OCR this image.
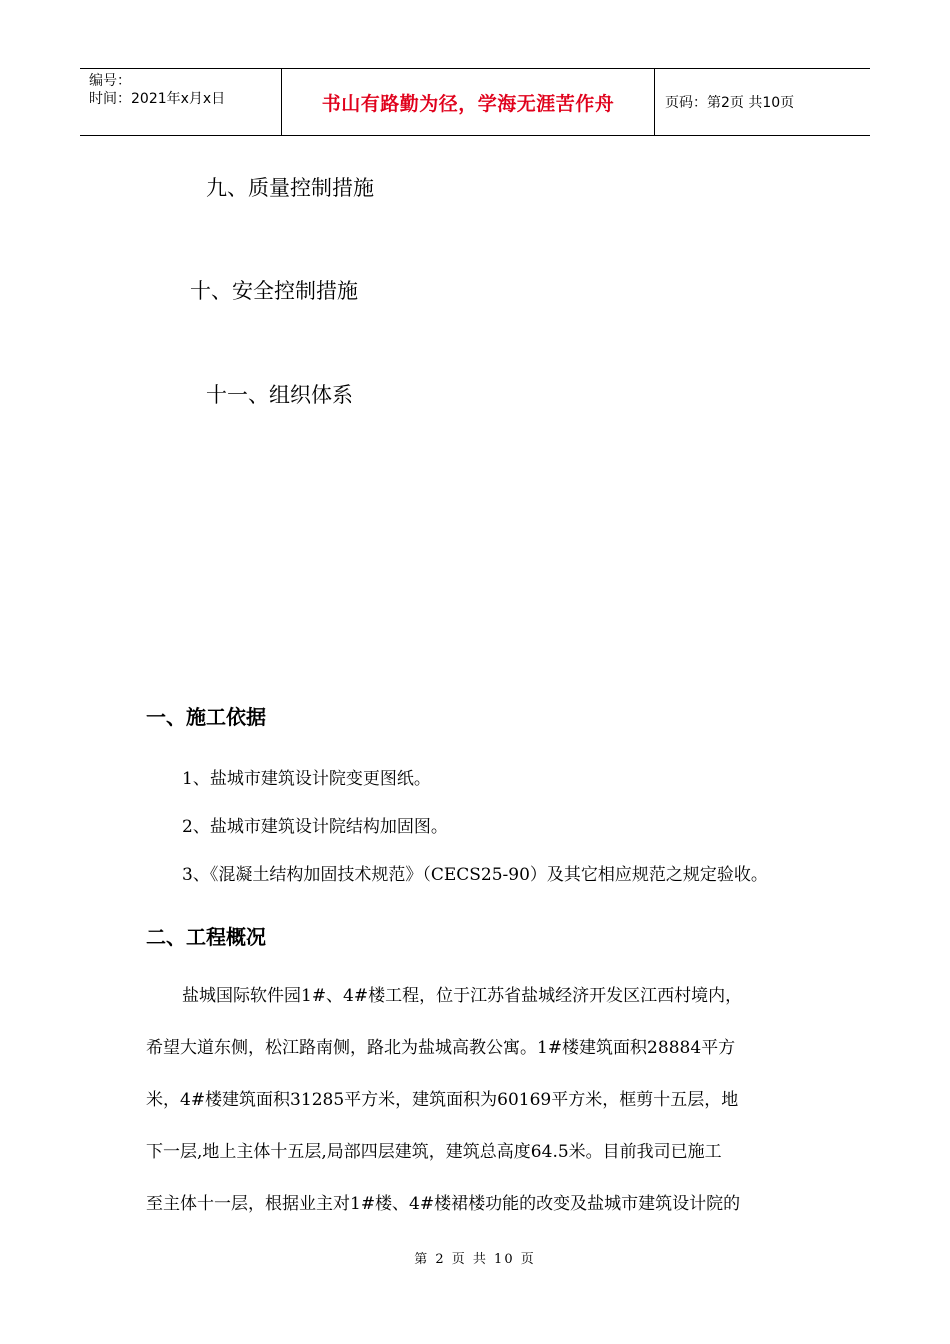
编号：
时间：2021年x月x日	书山有路勤为径，学海无涯苦作舟	页码：第2页 共10页
九、质量控制措施
十、安全控制措施
十一、组织体系
一、施工依据
1、盐城市建筑设计院变更图纸。
2、盐城市建筑设计院结构加固图。
3、《混凝土结构加固技术规范》（CECS25-90）及其它相应规范之规定验收。
二、工程概况
盐城国际软件园1#、4#楼工程，位于江苏省盐城经济开发区江西村境内，
希望大道东侧，松江路南侧，路北为盐城高教公寓。1#楼建筑面积28884平方
米，4#楼建筑面积31285平方米，建筑面积为60169平方米，框剪十五层，地
下一层,地上主体十五层,局部四层建筑，建筑总高度64.5米。目前我司已施工
至主体十一层，根据业主对1#楼、4#楼裙楼功能的改变及盐城市建筑设计院的
第 2 页 共 10 页
